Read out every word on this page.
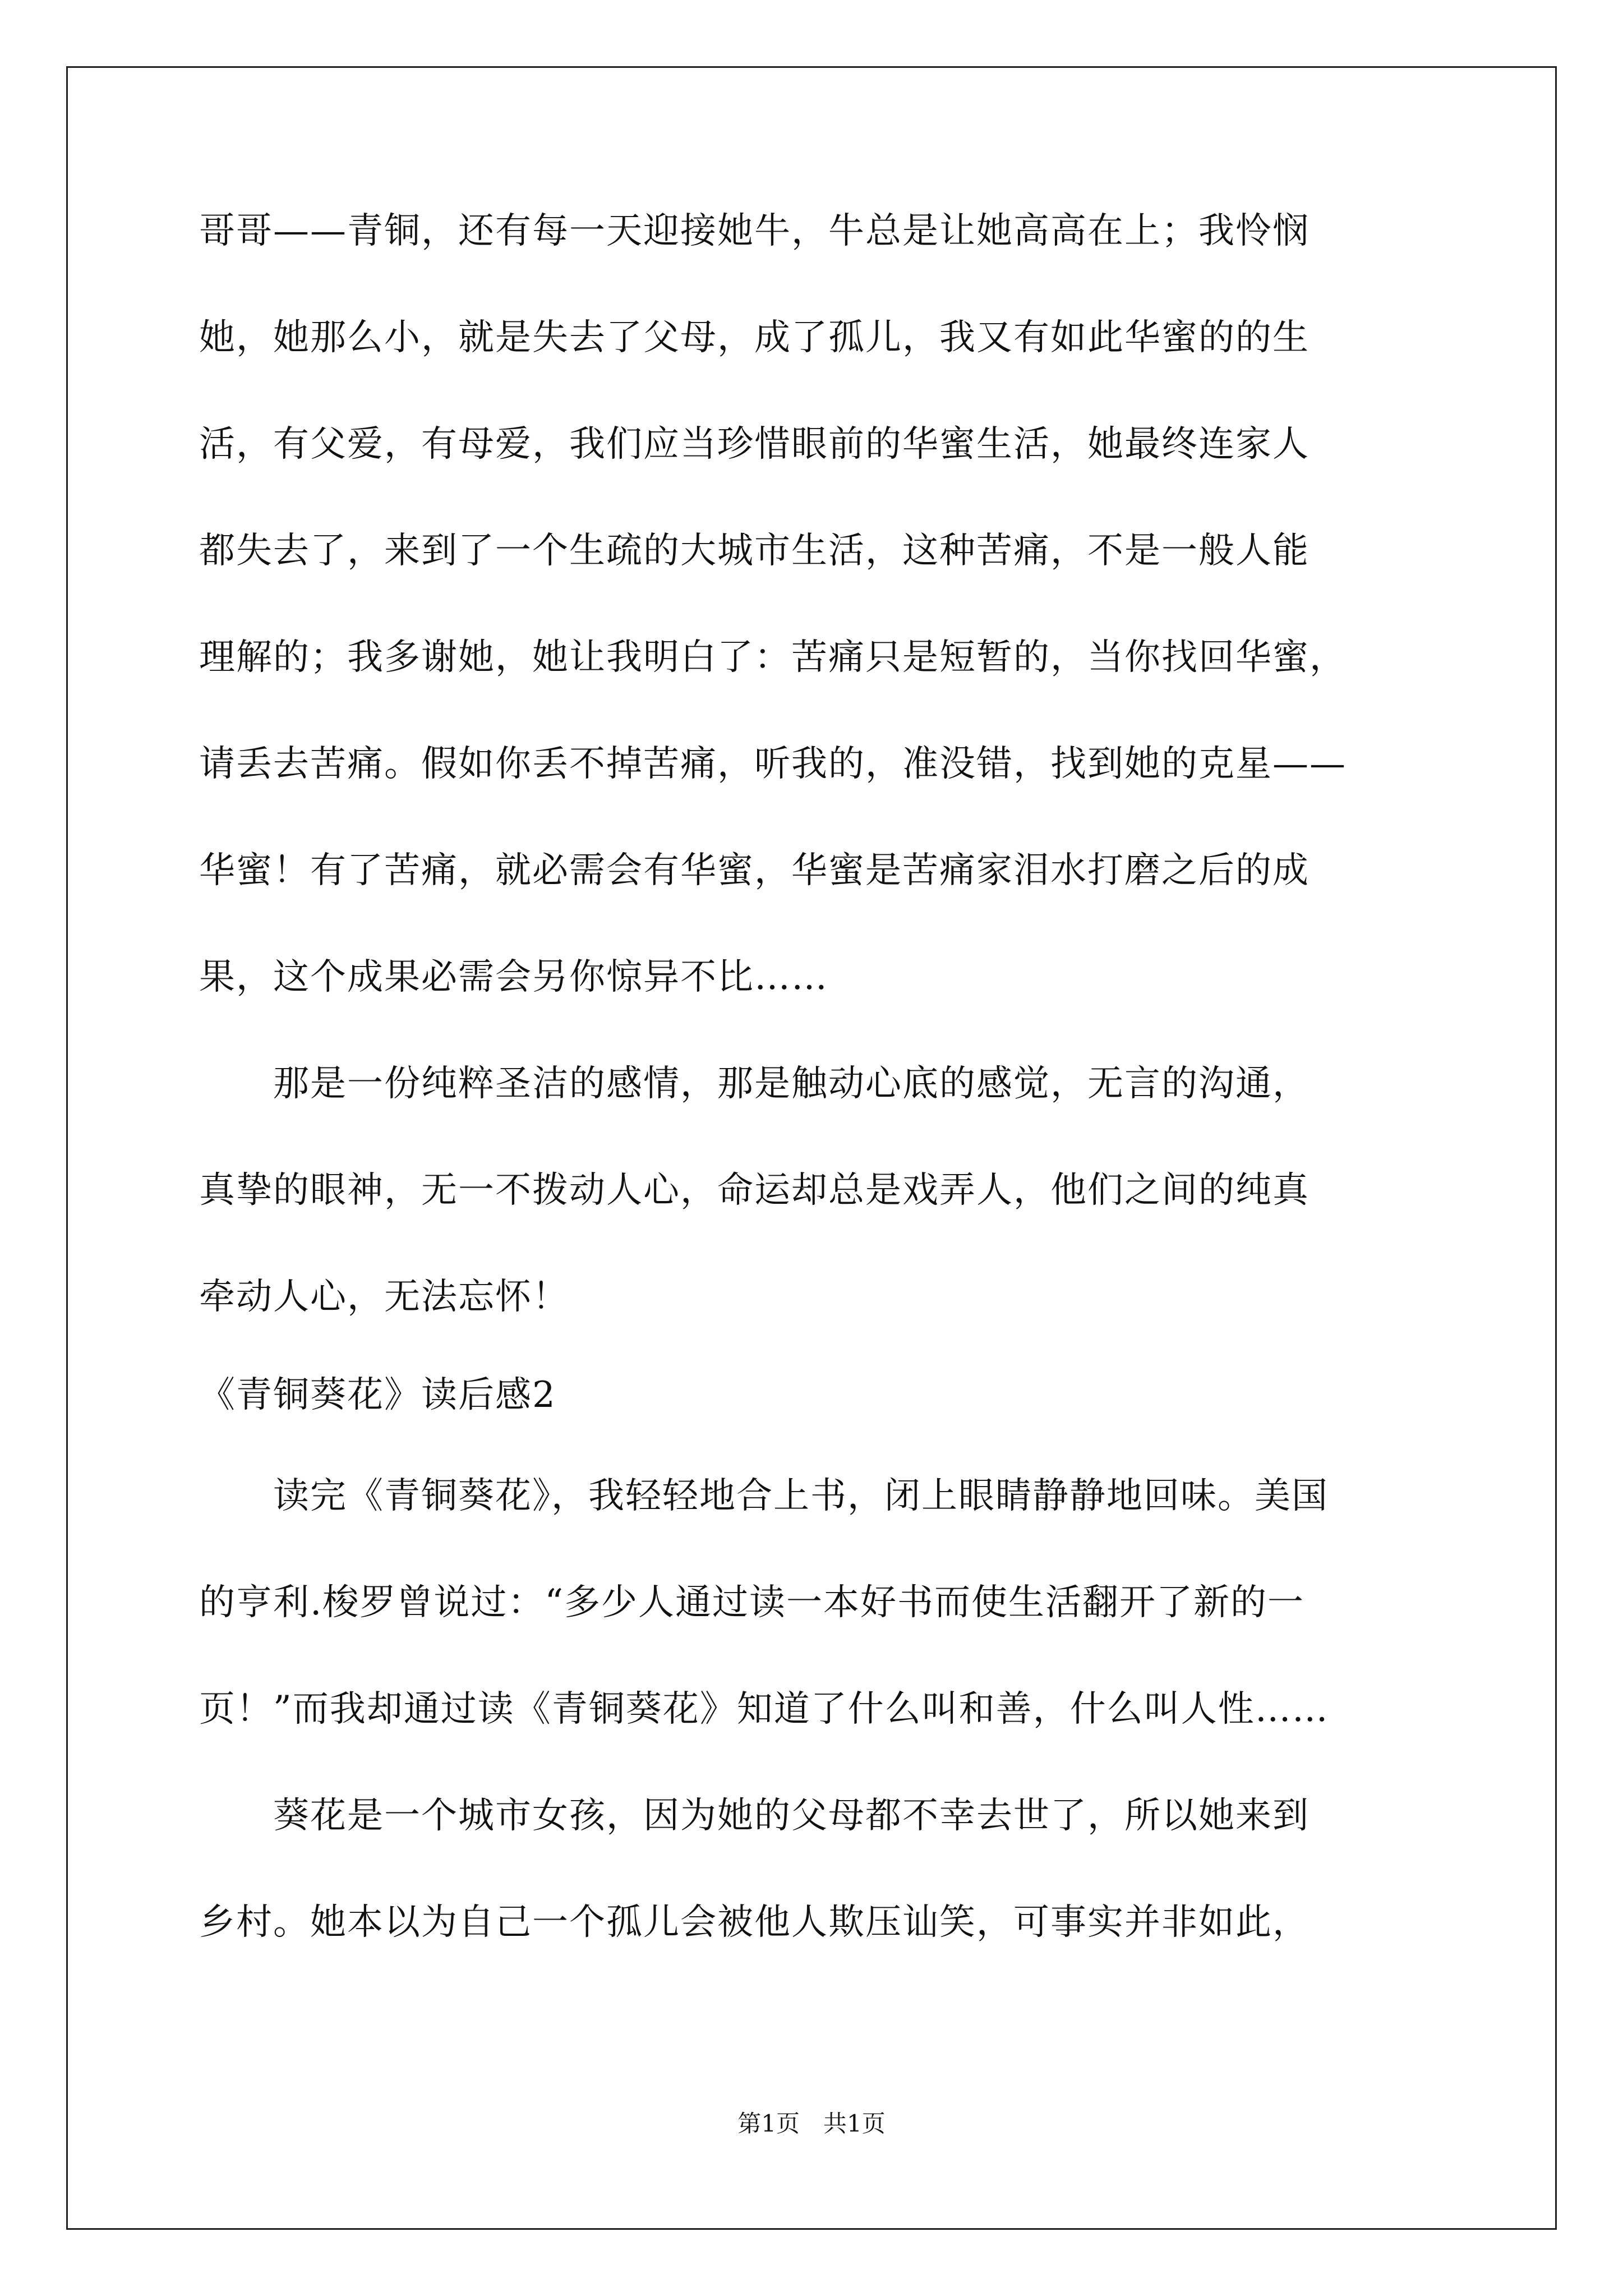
哥哥——青铜，还有每一天迎接她牛，牛总是让她高高在上；我怜悯
她，她那么小，就是失去了父母，成了孤儿，我又有如此华蜜的的生
活，有父爱，有母爱，我们应当珍惜眼前的华蜜生活，她最终连家人
都失去了，来到了一个生疏的大城市生活，这种苦痛，不是一般人能
理解的；我多谢她，她让我明白了：苦痛只是短暂的，当你找回华蜜，
请丢去苦痛。假如你丢不掉苦痛，听我的，准没错，找到她的克星——
华蜜！有了苦痛，就必需会有华蜜，华蜜是苦痛家泪水打磨之后的成
果，这个成果必需会另你惊异不比……
　　那是一份纯粹圣洁的感情，那是触动心底的感觉，无言的沟通，
真挚的眼神，无一不拨动人心，命运却总是戏弄人，他们之间的纯真
牵动人心，无法忘怀！
《青铜葵花》读后感2
　　读完《青铜葵花》，我轻轻地合上书，闭上眼睛静静地回味。美国
的亨利.梭罗曾说过：“多少人通过读一本好书而使生活翻开了新的一
页！”而我却通过读《青铜葵花》知道了什么叫和善，什么叫人性……
　　葵花是一个城市女孩，因为她的父母都不幸去世了，所以她来到
乡村。她本以为自己一个孤儿会被他人欺压讪笑，可事实并非如此，
第1页　共1页
